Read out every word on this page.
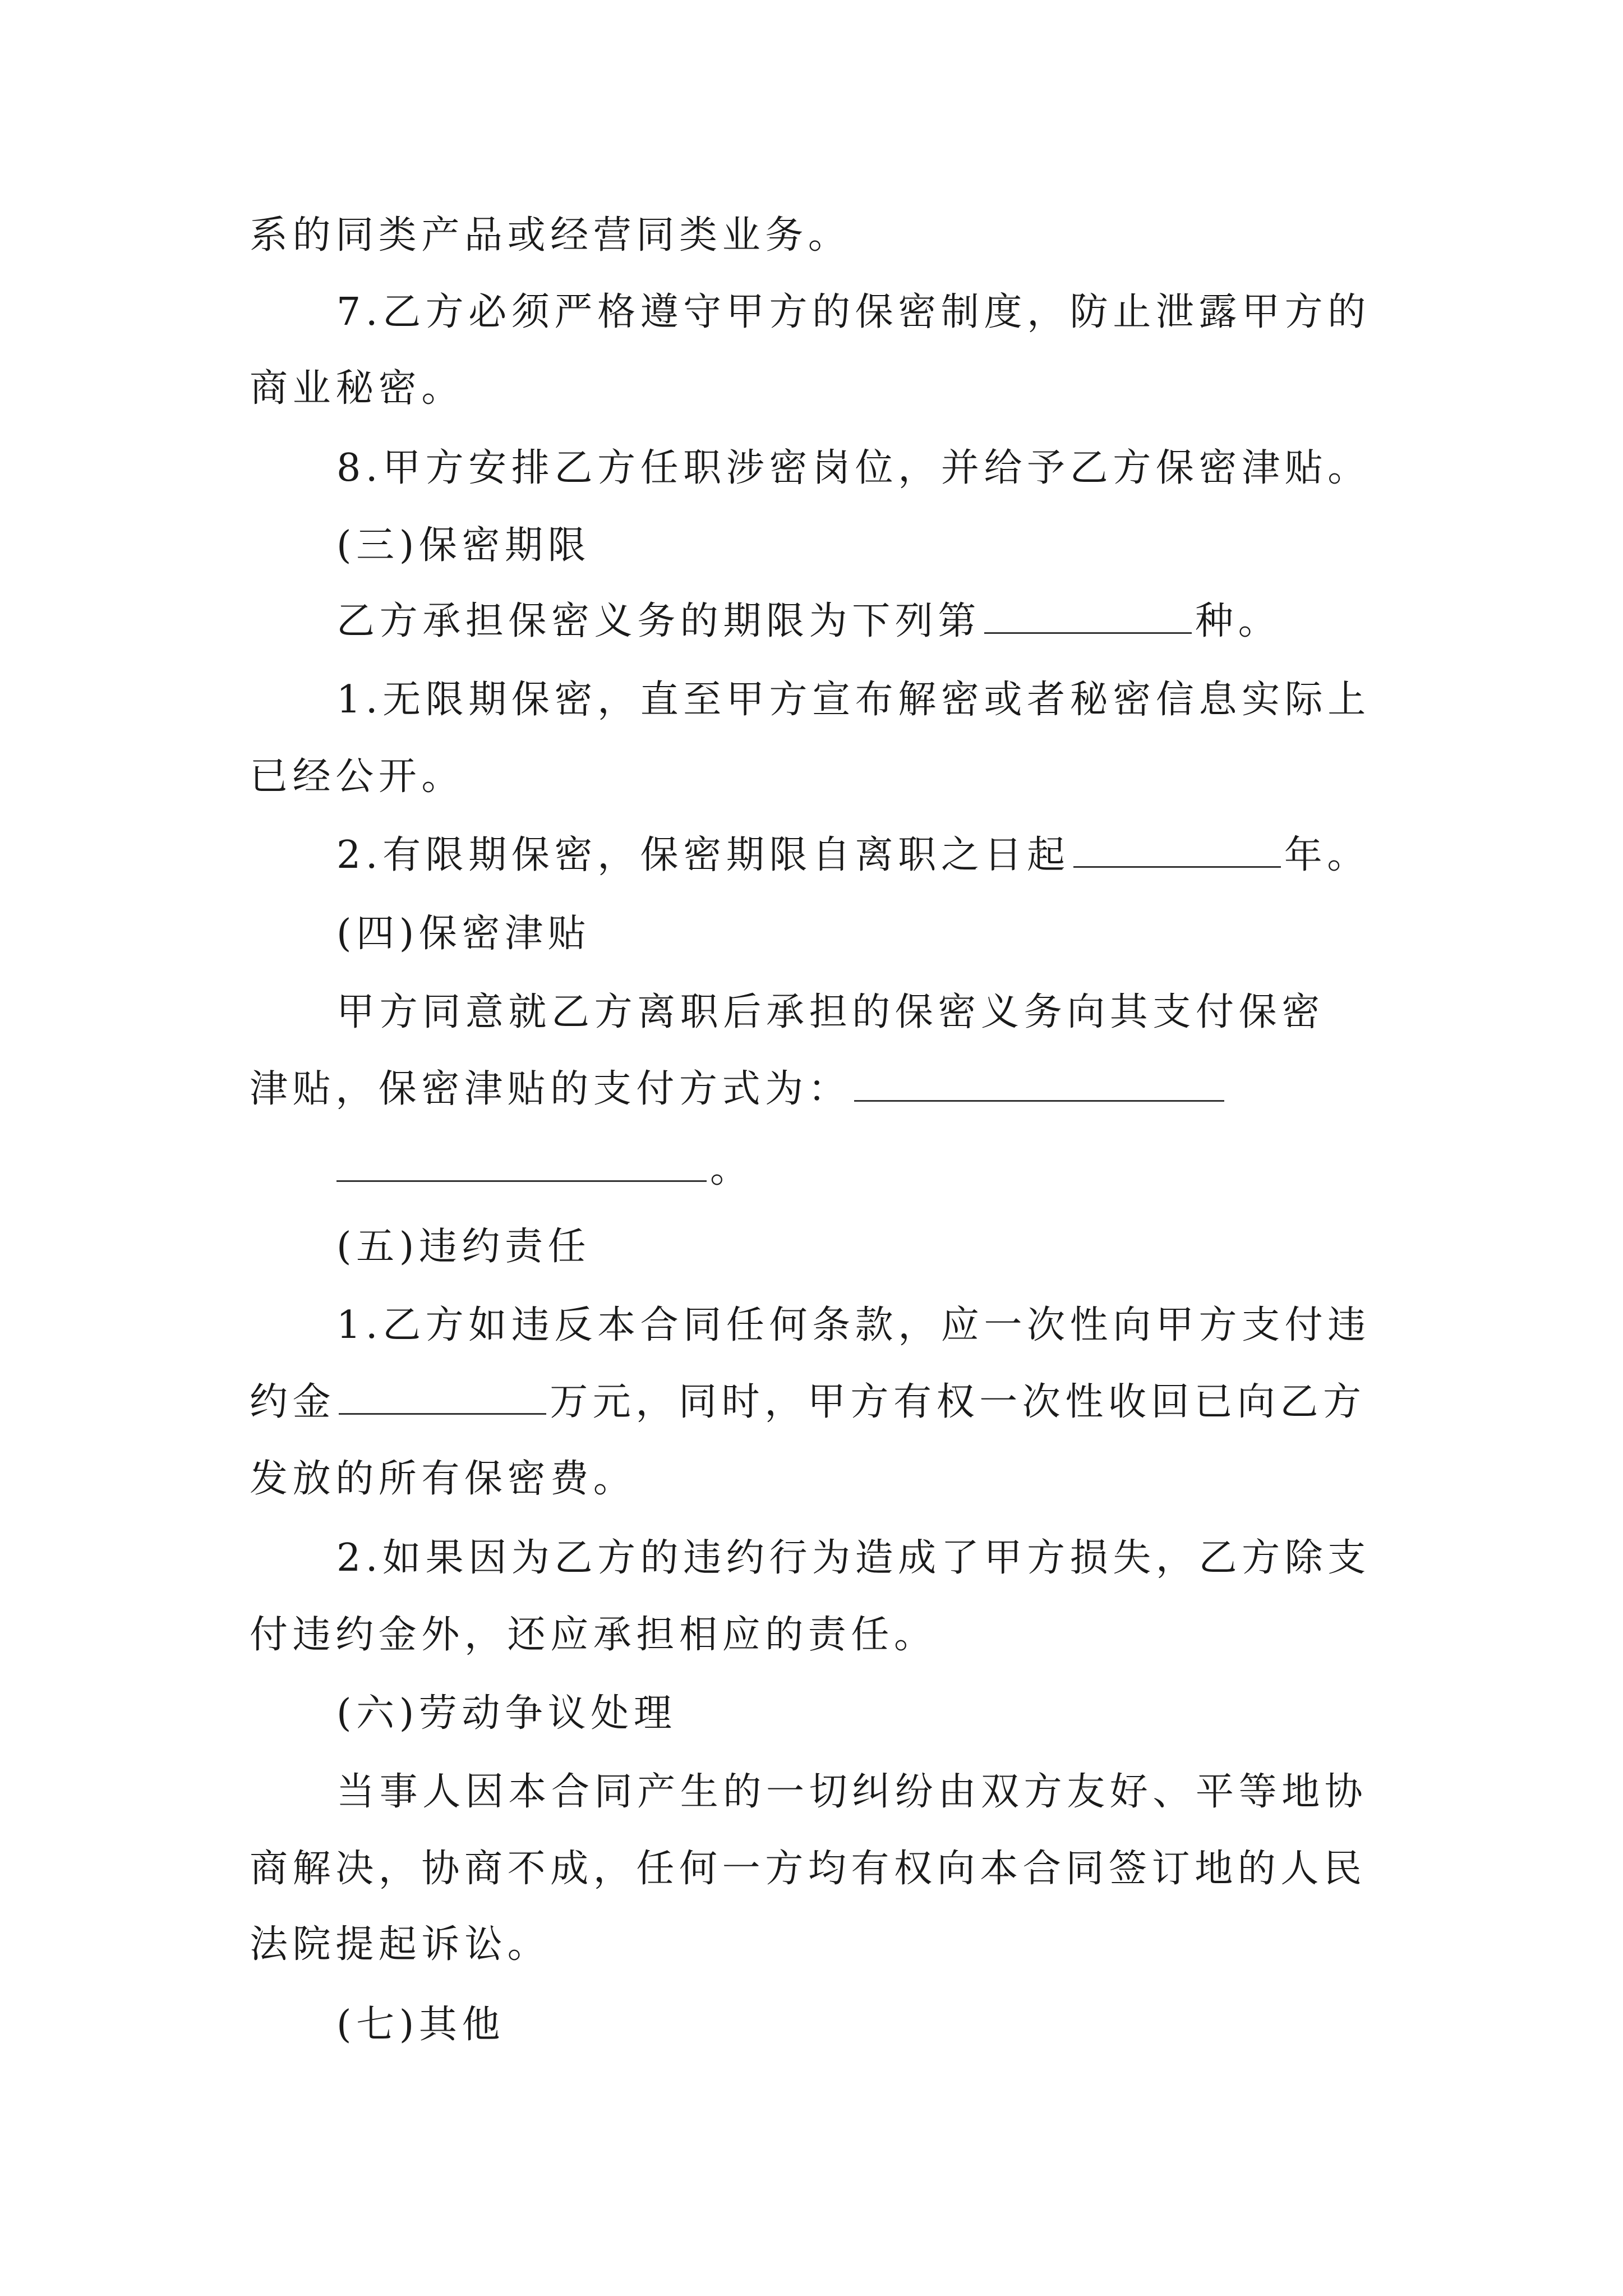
系的同类产品或经营同类业务。
7.乙方必须严格遵守甲方的保密制度，防止泄露甲方的
商业秘密。
8.甲方安排乙方任职涉密岗位，并给予乙方保密津贴。
(三)保密期限
乙方承担保密义务的期限为下列第	种。
1.无限期保密，直至甲方宣布解密或者秘密信息实际上
已经公开。
2.有限期保密，保密期限自离职之日起	年。
(四)保密津贴
甲方同意就乙方离职后承担的保密义务向其支付保密
津贴，保密津贴的支付方式为：
。
(五)违约责任
1.乙方如违反本合同任何条款，应一次性向甲方支付违
约金	万元，同时，甲方有权一次性收回已向乙方
发放的所有保密费。
2.如果因为乙方的违约行为造成了甲方损失，乙方除支
付违约金外，还应承担相应的责任。
(六)劳动争议处理
当事人因本合同产生的一切纠纷由双方友好、平等地协
商解决，协商不成，任何一方均有权向本合同签订地的人民
法院提起诉讼。
(七)其他
